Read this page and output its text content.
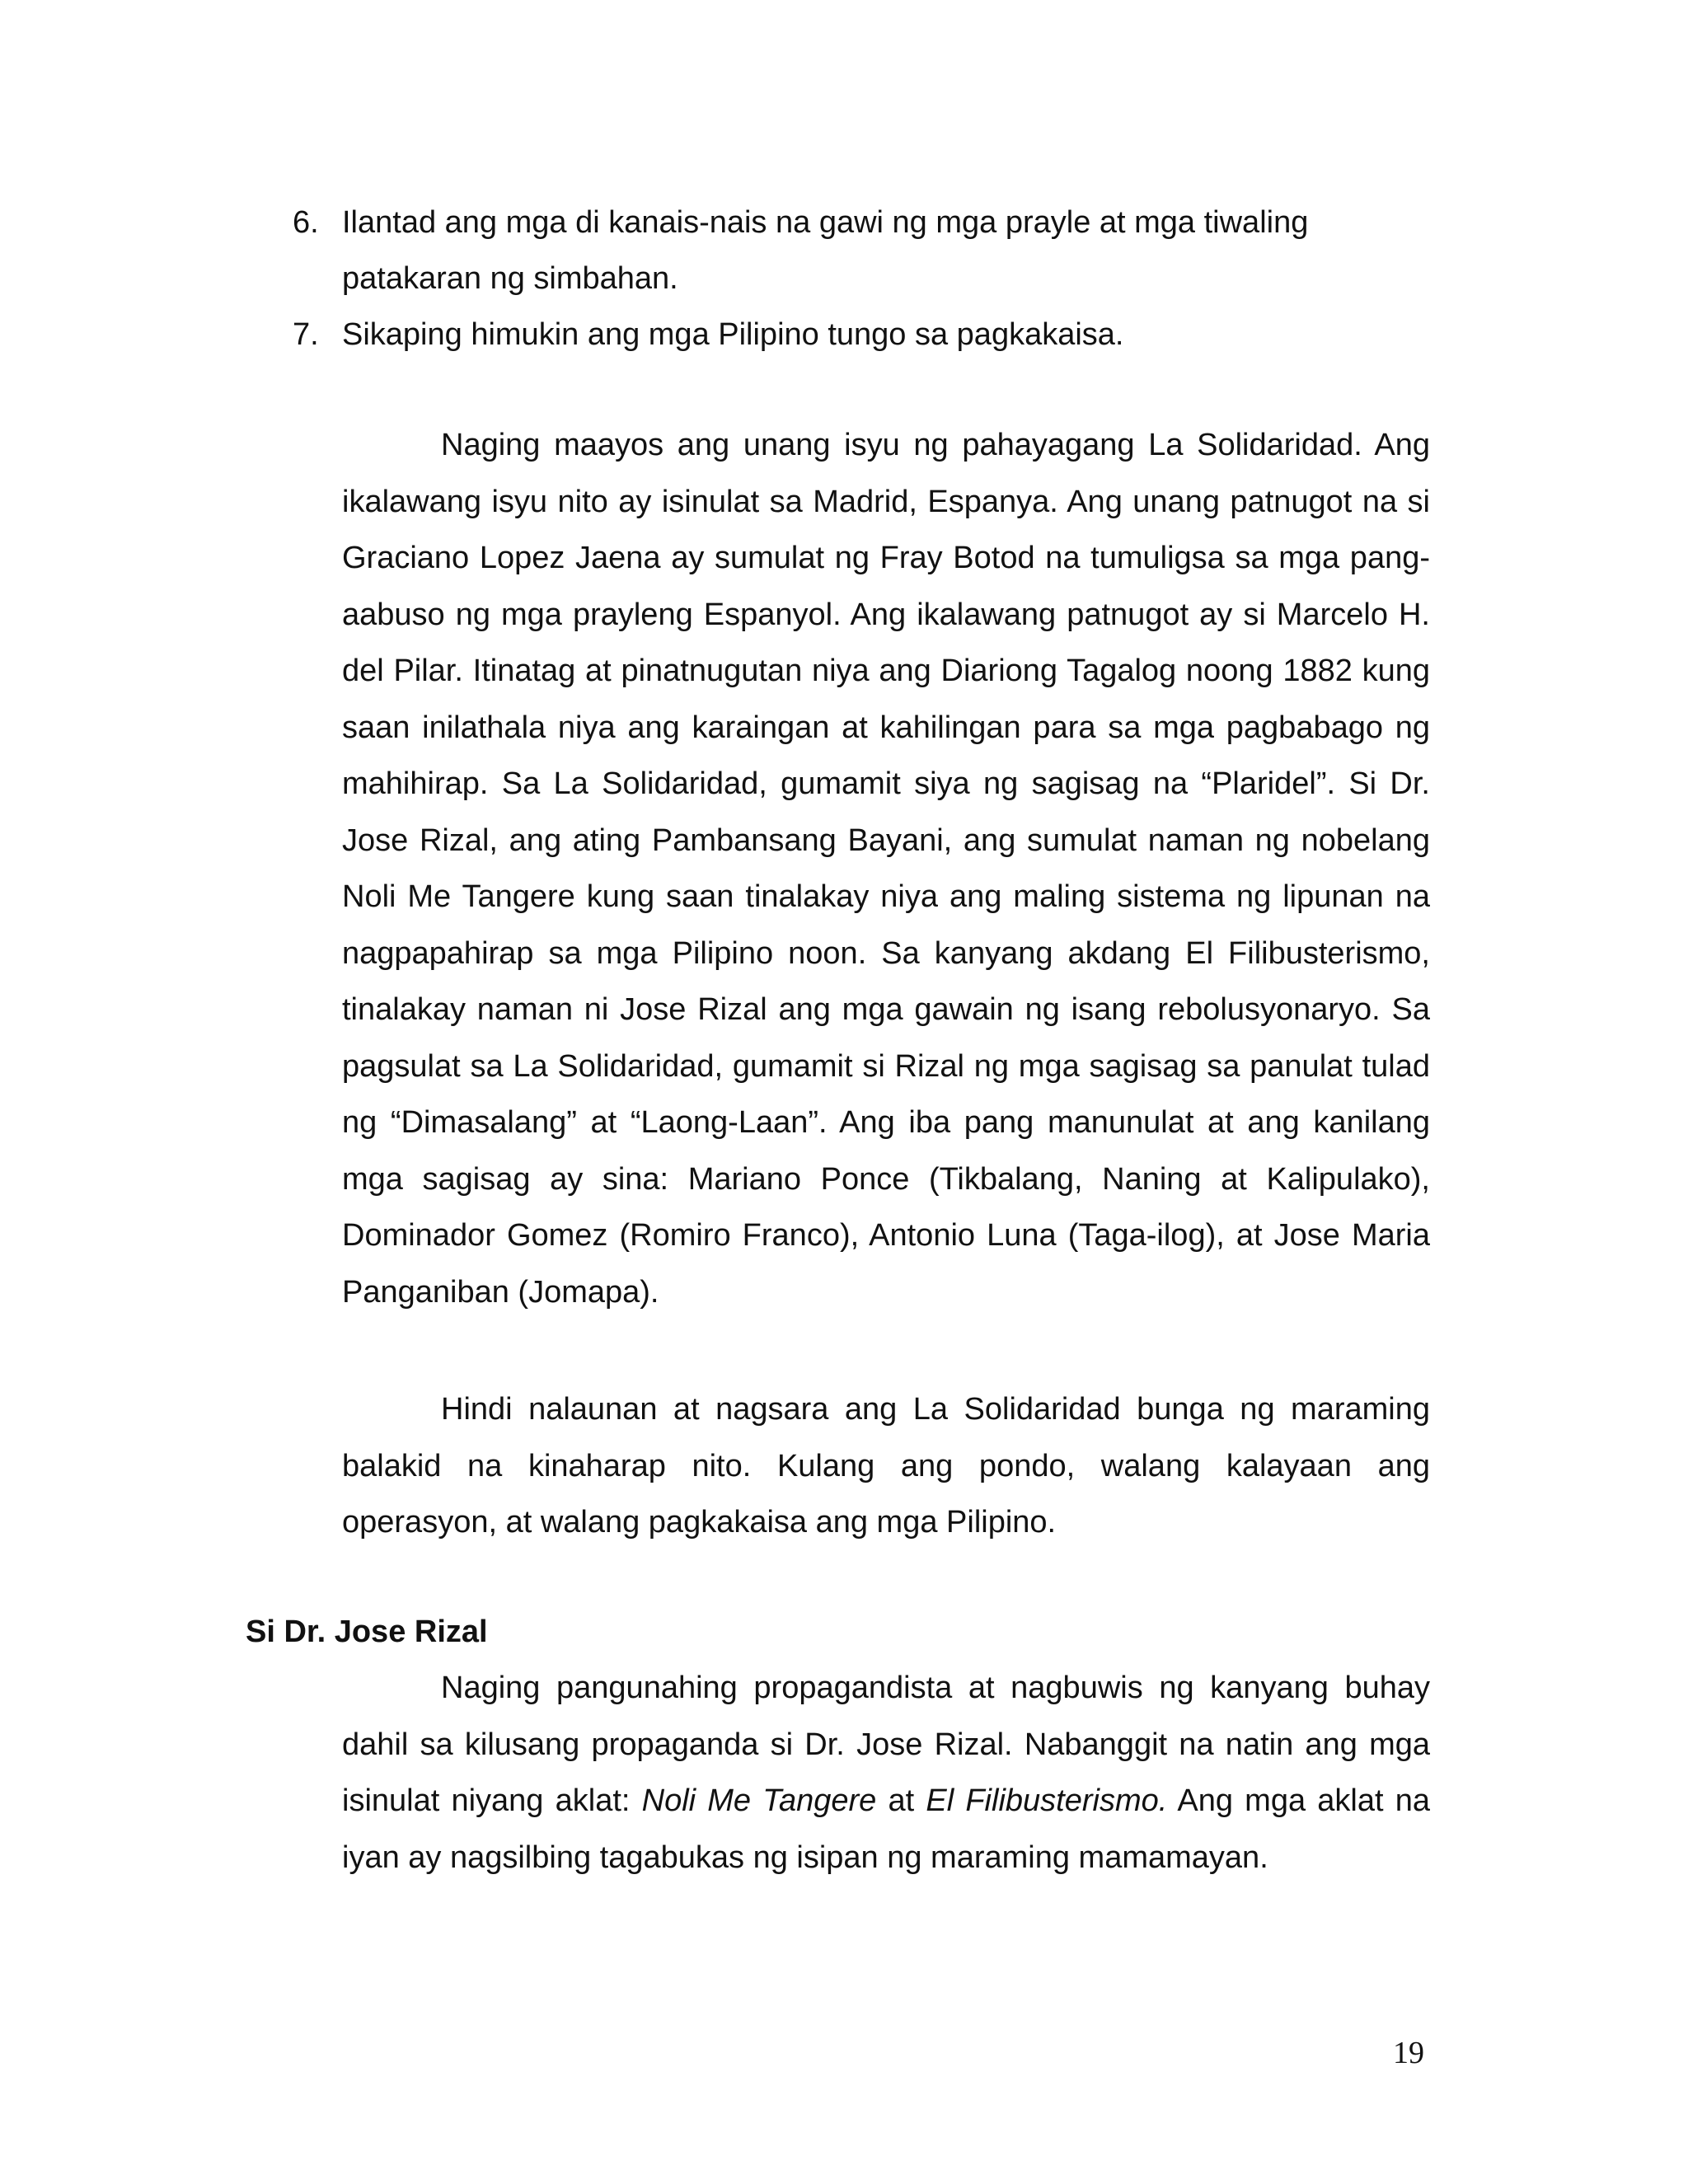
6. Ilantad ang mga di kanais-nais na gawi ng mga prayle at mga tiwaling patakaran ng simbahan.
7. Sikaping himukin ang mga Pilipino tungo sa pagkakaisa.

Naging maayos ang unang isyu ng pahayagang La Solidaridad. Ang ikalawang isyu nito ay isinulat sa Madrid, Espanya. Ang unang patnugot na si Graciano Lopez Jaena ay sumulat ng Fray Botod na tumuligsa sa mga pang-aabuso ng mga prayleng Espanyol. Ang ikalawang patnugot ay si Marcelo H. del Pilar. Itinatag at pinatnugutan niya ang Diariong Tagalog noong 1882 kung saan inilathala niya ang karaingan at kahilingan para sa mga pagbabago ng mahihirap. Sa La Solidaridad, gumamit siya ng sagisag na “Plaridel”. Si Dr. Jose Rizal, ang ating Pambansang Bayani, ang sumulat naman ng nobelang Noli Me Tangere kung saan tinalakay niya ang maling sistema ng lipunan na nagpapahirap sa mga Pilipino noon. Sa kanyang akdang El Filibusterismo, tinalakay naman ni Jose Rizal ang mga gawain ng isang rebolusyonaryo. Sa pagsulat sa La Solidaridad, gumamit si Rizal ng mga sagisag sa panulat tulad ng “Dimasalang” at “Laong-Laan”. Ang iba pang manunulat at ang kanilang mga sagisag ay sina: Mariano Ponce (Tikbalang, Naning at Kalipulako), Dominador Gomez (Romiro Franco), Antonio Luna (Taga-ilog), at Jose Maria Panganiban (Jomapa).

Hindi nalaunan at nagsara ang La Solidaridad bunga ng maraming balakid na kinaharap nito. Kulang ang pondo, walang kalayaan ang operasyon, at walang pagkakaisa ang mga Pilipino.

Si Dr. Jose Rizal

Naging pangunahing propagandista at nagbuwis ng kanyang buhay dahil sa kilusang propaganda si Dr. Jose Rizal. Nabanggit na natin ang mga isinulat niyang aklat: Noli Me Tangere at El Filibusterismo. Ang mga aklat na iyan ay nagsilbing tagabukas ng isipan ng maraming mamamayan.

19
